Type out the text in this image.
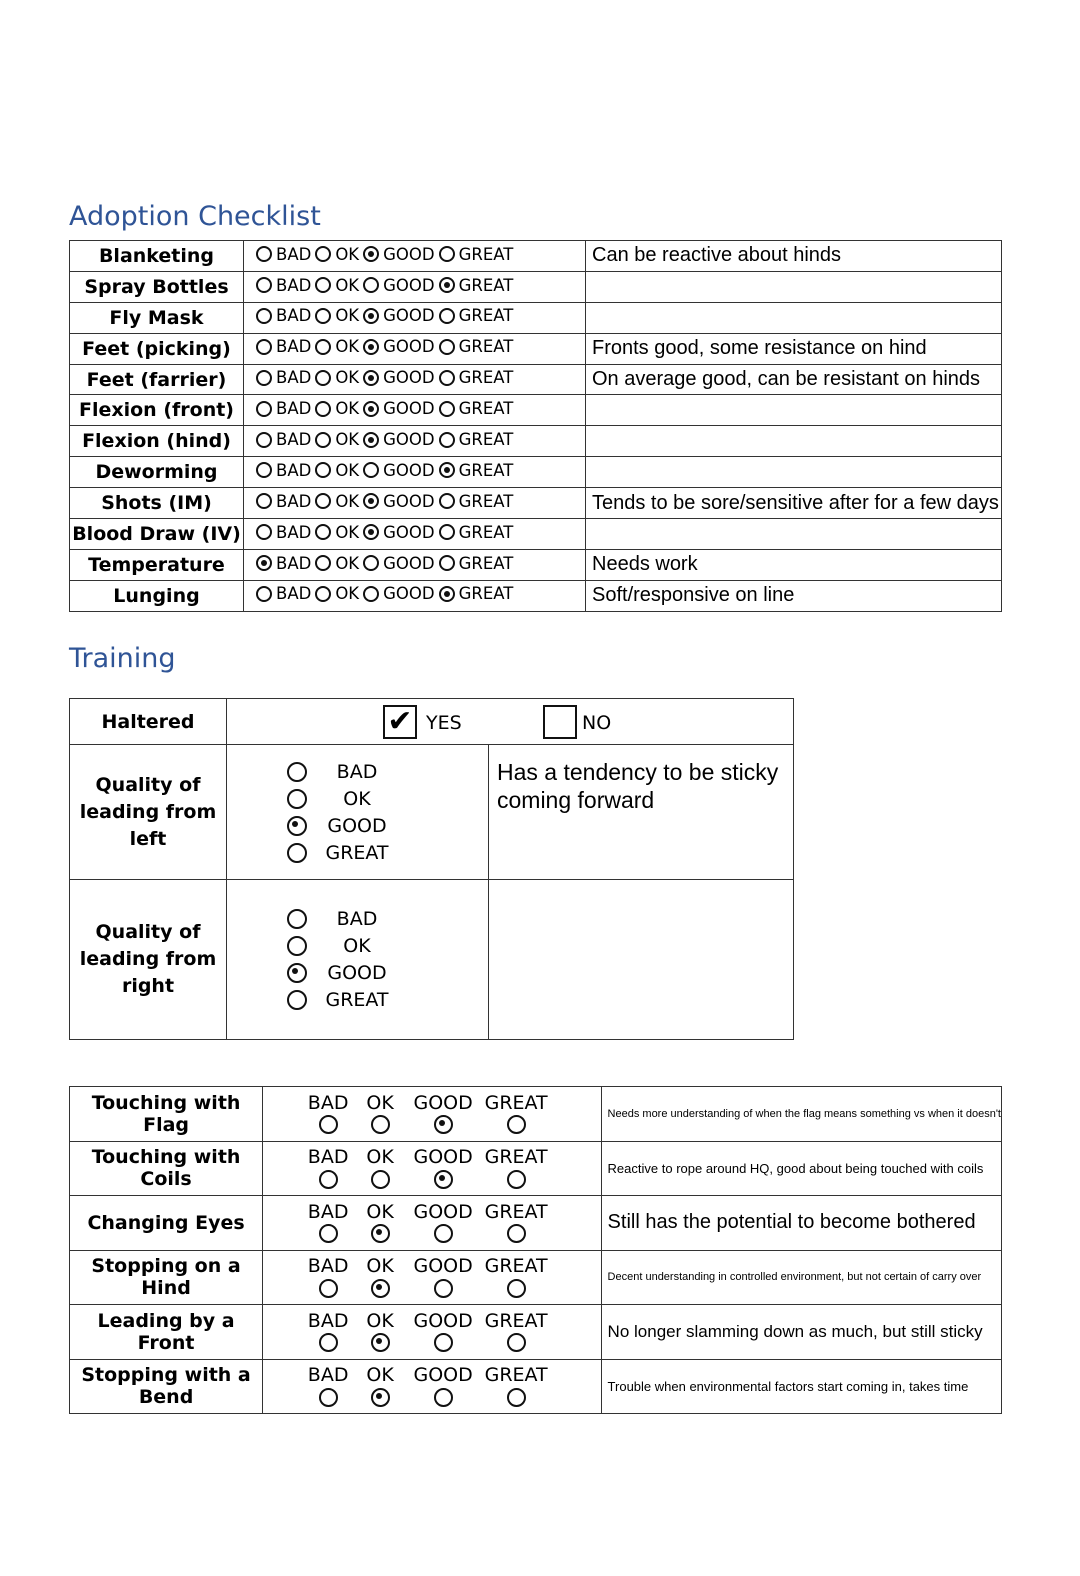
Adoption Checklist
Blanketing	BAD OK GOOD GREAT	Can be reactive about hinds
Spray Bottles	BAD OK GOOD GREAT	

Fly Mask	BAD OK GOOD GREAT	

Feet (picking)	BAD OK GOOD GREAT	Fronts good, some resistance on hind
Feet (farrier)	BAD OK GOOD GREAT	On average good, can be resistant on hinds
Flexion (front)	BAD OK GOOD GREAT	

Flexion (hind)	BAD OK GOOD GREAT	

Deworming	BAD OK GOOD GREAT	

Shots (IM)	BAD OK GOOD GREAT	Tends to be sore/sensitive after for a few days
Blood Draw (IV)	BAD OK GOOD GREAT	

Temperature	BAD OK GOOD GREAT	Needs work
Lunging	BAD OK GOOD GREAT	Soft/responsive on line
Training
Haltered	✔ YES NO	

Quality of leading from left	BAD
OK
GOOD
GREAT	Has a tendency to be sticky coming forward
Quality of leading from right	BAD
OK
GOOD
GREAT	

Touching with Flag	BAD OK GOOD GREAT	Needs more understanding of when the flag means something vs when it doesn't
Touching with Coils	BAD OK GOOD GREAT	Reactive to rope around HQ, good about being touched with coils
Changing Eyes	BAD OK GOOD GREAT	Still has the potential to become bothered
Stopping on a Hind	BAD OK GOOD GREAT	Decent understanding in controlled environment, but not certain of carry over
Leading by a Front	BAD OK GOOD GREAT	No longer slamming down as much, but still sticky
Stopping with a Bend	BAD OK GOOD GREAT	Trouble when environmental factors start coming in, takes time
